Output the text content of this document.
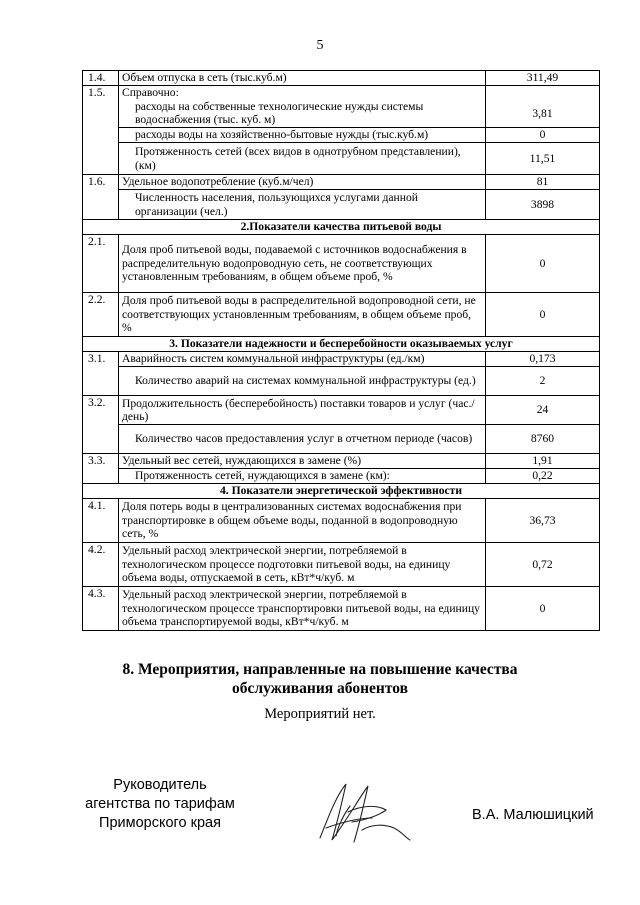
5
1.4.	Объем отпуска в сеть (тыс.куб.м)	311,49
1.5.	Справочно:	
	расходы на собственные технологические нужды системы водоснабжения (тыс. куб. м)	3,81
	расходы воды на хозяйственно-бытовые нужды (тыс.куб.м)	0
	Протяженность сетей (всех видов в однотрубном представлении), (км)	11,51
1.6.	Удельное водопотребление (куб.м/чел)	81
	Численность населения, пользующихся услугами данной организации (чел.)	3898
2.Показатели качества питьевой воды		
2.1.	Доля проб питьевой воды, подаваемой с источников водоснабжения в распределительную водопроводную сеть, не соответствующих установленным требованиям, в общем объеме проб, %	0
2.2.	Доля проб питьевой воды в распределительной водопроводной сети, не соответствующих установленным требованиям, в общем объеме проб, %	0
3. Показатели надежности и бесперебойности оказываемых услуг		
3.1.	Аварийность систем коммунальной инфраструктуры (ед./км)	0,173
	Количество аварий на системах коммунальной инфраструктуры (ед.)	2
3.2.	Продолжительность (бесперебойность) поставки товаров и услуг (час./день)	24
	Количество часов предоставления услуг в отчетном периоде (часов)	8760
3.3.	Удельный вес сетей, нуждающихся в замене (%)	1,91
	Протяженность сетей, нуждающихся в замене (км):	0,22
4. Показатели энергетической эффективности		
4.1.	Доля потерь воды в централизованных системах водоснабжения при транспортировке в общем объеме воды, поданной в водопроводную сеть, %	36,73
4.2.	Удельный расход электрической энергии, потребляемой в технологическом процессе подготовки питьевой воды, на единицу объема воды, отпускаемой в сеть, кВт*ч/куб. м	0,72
4.3.	Удельный расход электрической энергии, потребляемой в технологическом процессе транспортировки питьевой воды, на единицу объема транспортируемой воды, кВт*ч/куб. м	0
8. Мероприятия, направленные на повышение качества
обслуживания абонентов
Мероприятий нет.
Руководитель
агентства по тарифам
Приморского края	В.А. Малюшицкий
